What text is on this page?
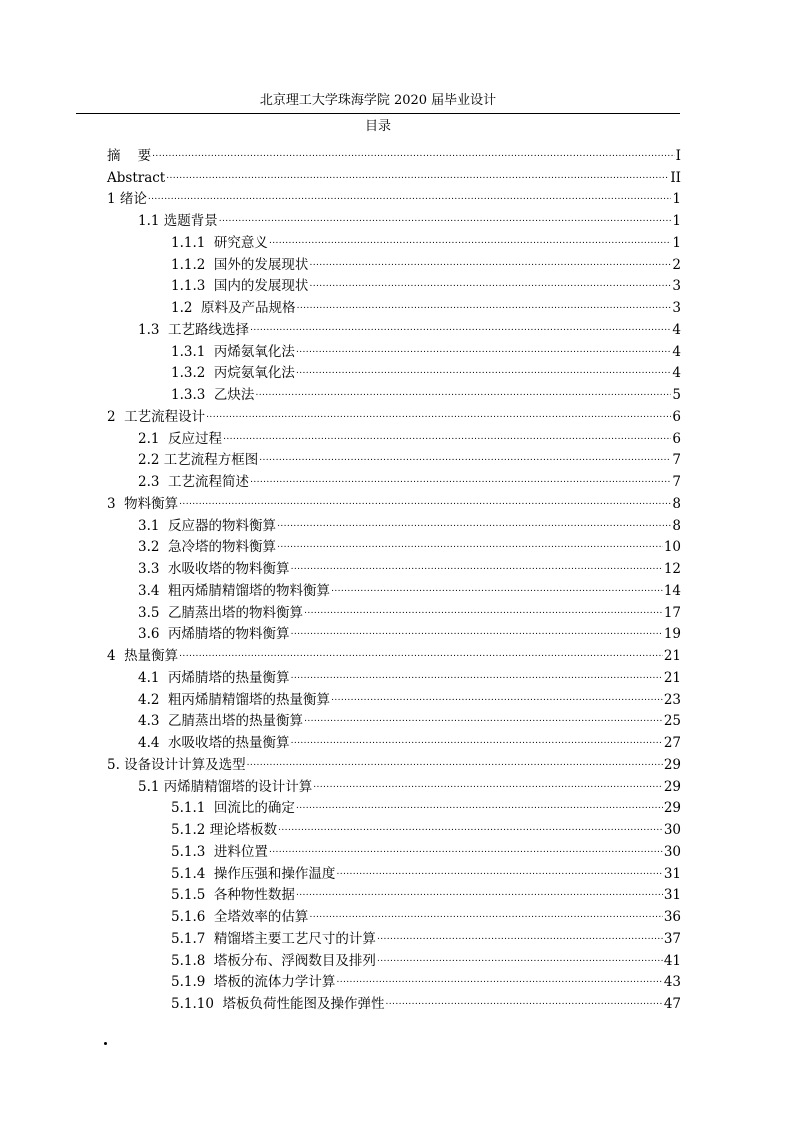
北京理工大学珠海学院 2020 届毕业设计
目录
摘    要 .....	I
Abstract .....	II
1 绪论 .....	1
1.1 选题背景 .....	1
1.1.1  研究意义 .....	1
1.1.2  国外的发展现状 .....	2
1.1.3  国内的发展现状 .....	3
1.2  原料及产品规格 .....	3
1.3  工艺路线选择 .....	4
1.3.1  丙烯氨氧化法 .....	4
1.3.2  丙烷氨氧化法 .....	4
1.3.3  乙炔法 .....	5
2  工艺流程设计 .....	6
2.1  反应过程 .....	6
2.2 工艺流程方框图 .....	7
2.3  工艺流程简述 .....	7
3  物料衡算 .....	8
3.1  反应器的物料衡算 .....	8
3.2  急冷塔的物料衡算 .....	10
3.3  水吸收塔的物料衡算 .....	12
3.4  粗丙烯腈精馏塔的物料衡算 .....	14
3.5  乙腈蒸出塔的物料衡算 .....	17
3.6  丙烯腈塔的物料衡算 .....	19
4  热量衡算 .....	21
4.1  丙烯腈塔的热量衡算 .....	21
4.2  粗丙烯腈精馏塔的热量衡算 .....	23
4.3  乙腈蒸出塔的热量衡算 .....	25
4.4  水吸收塔的热量衡算 .....	27
5. 设备设计计算及选型 .....	29
5.1 丙烯腈精馏塔的设计计算 .....	29
5.1.1  回流比的确定 .....	29
5.1.2 理论塔板数 .....	30
5.1.3  进料位置 .....	30
5.1.4  操作压强和操作温度 .....	31
5.1.5  各种物性数据 .....	31
5.1.6  全塔效率的估算 .....	36
5.1.7  精馏塔主要工艺尺寸的计算 .....	37
5.1.8  塔板分布、浮阀数目及排列 .....	41
5.1.9  塔板的流体力学计算 .....	43
5.1.10  塔板负荷性能图及操作弹性 .....	47
